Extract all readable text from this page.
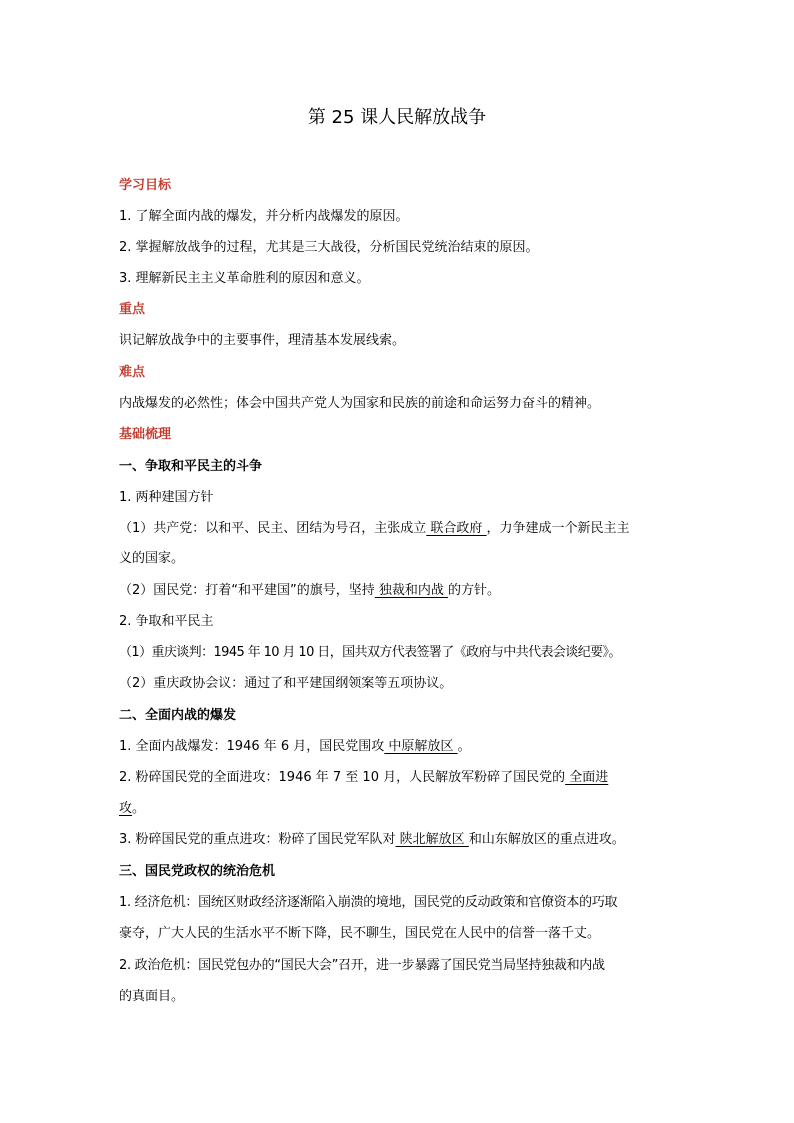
第 25 课人民解放战争
学习目标
1. 了解全面内战的爆发，并分析内战爆发的原因。
2. 掌握解放战争的过程，尤其是三大战役，分析国民党统治结束的原因。
3. 理解新民主主义革命胜利的原因和意义。
重点
识记解放战争中的主要事件，理清基本发展线索。
难点
内战爆发的必然性；体会中国共产党人为国家和民族的前途和命运努力奋斗的精神。
基础梳理
一、争取和平民主的斗争
1. 两种建国方针
（1）共产党：以和平、民主、团结为号召，主张成立 联合政府 ，力争建成一个新民主主
义的国家。
（2）国民党：打着“和平建国”的旗号，坚持 独裁和内战 的方针。
2. 争取和平民主
（1）重庆谈判：1945 年 10 月 10 日，国共双方代表签署了《政府与中共代表会谈纪要》。
（2）重庆政协会议：通过了和平建国纲领案等五项协议。
二、全面内战的爆发
1. 全面内战爆发：1946 年 6 月，国民党围攻 中原解放区 。
2. 粉碎国民党的全面进攻：1946 年 7 至 10 月，人民解放军粉碎了国民党的 全面进
攻。
3. 粉碎国民党的重点进攻：粉碎了国民党军队对 陕北解放区 和山东解放区的重点进攻。
三、国民党政权的统治危机
1. 经济危机：国统区财政经济逐渐陷入崩溃的境地，国民党的反动政策和官僚资本的巧取
豪夺，广大人民的生活水平不断下降，民不聊生，国民党在人民中的信誉一落千丈。
2. 政治危机：国民党包办的“国民大会”召开，进一步暴露了国民党当局坚持独裁和内战
的真面目。
